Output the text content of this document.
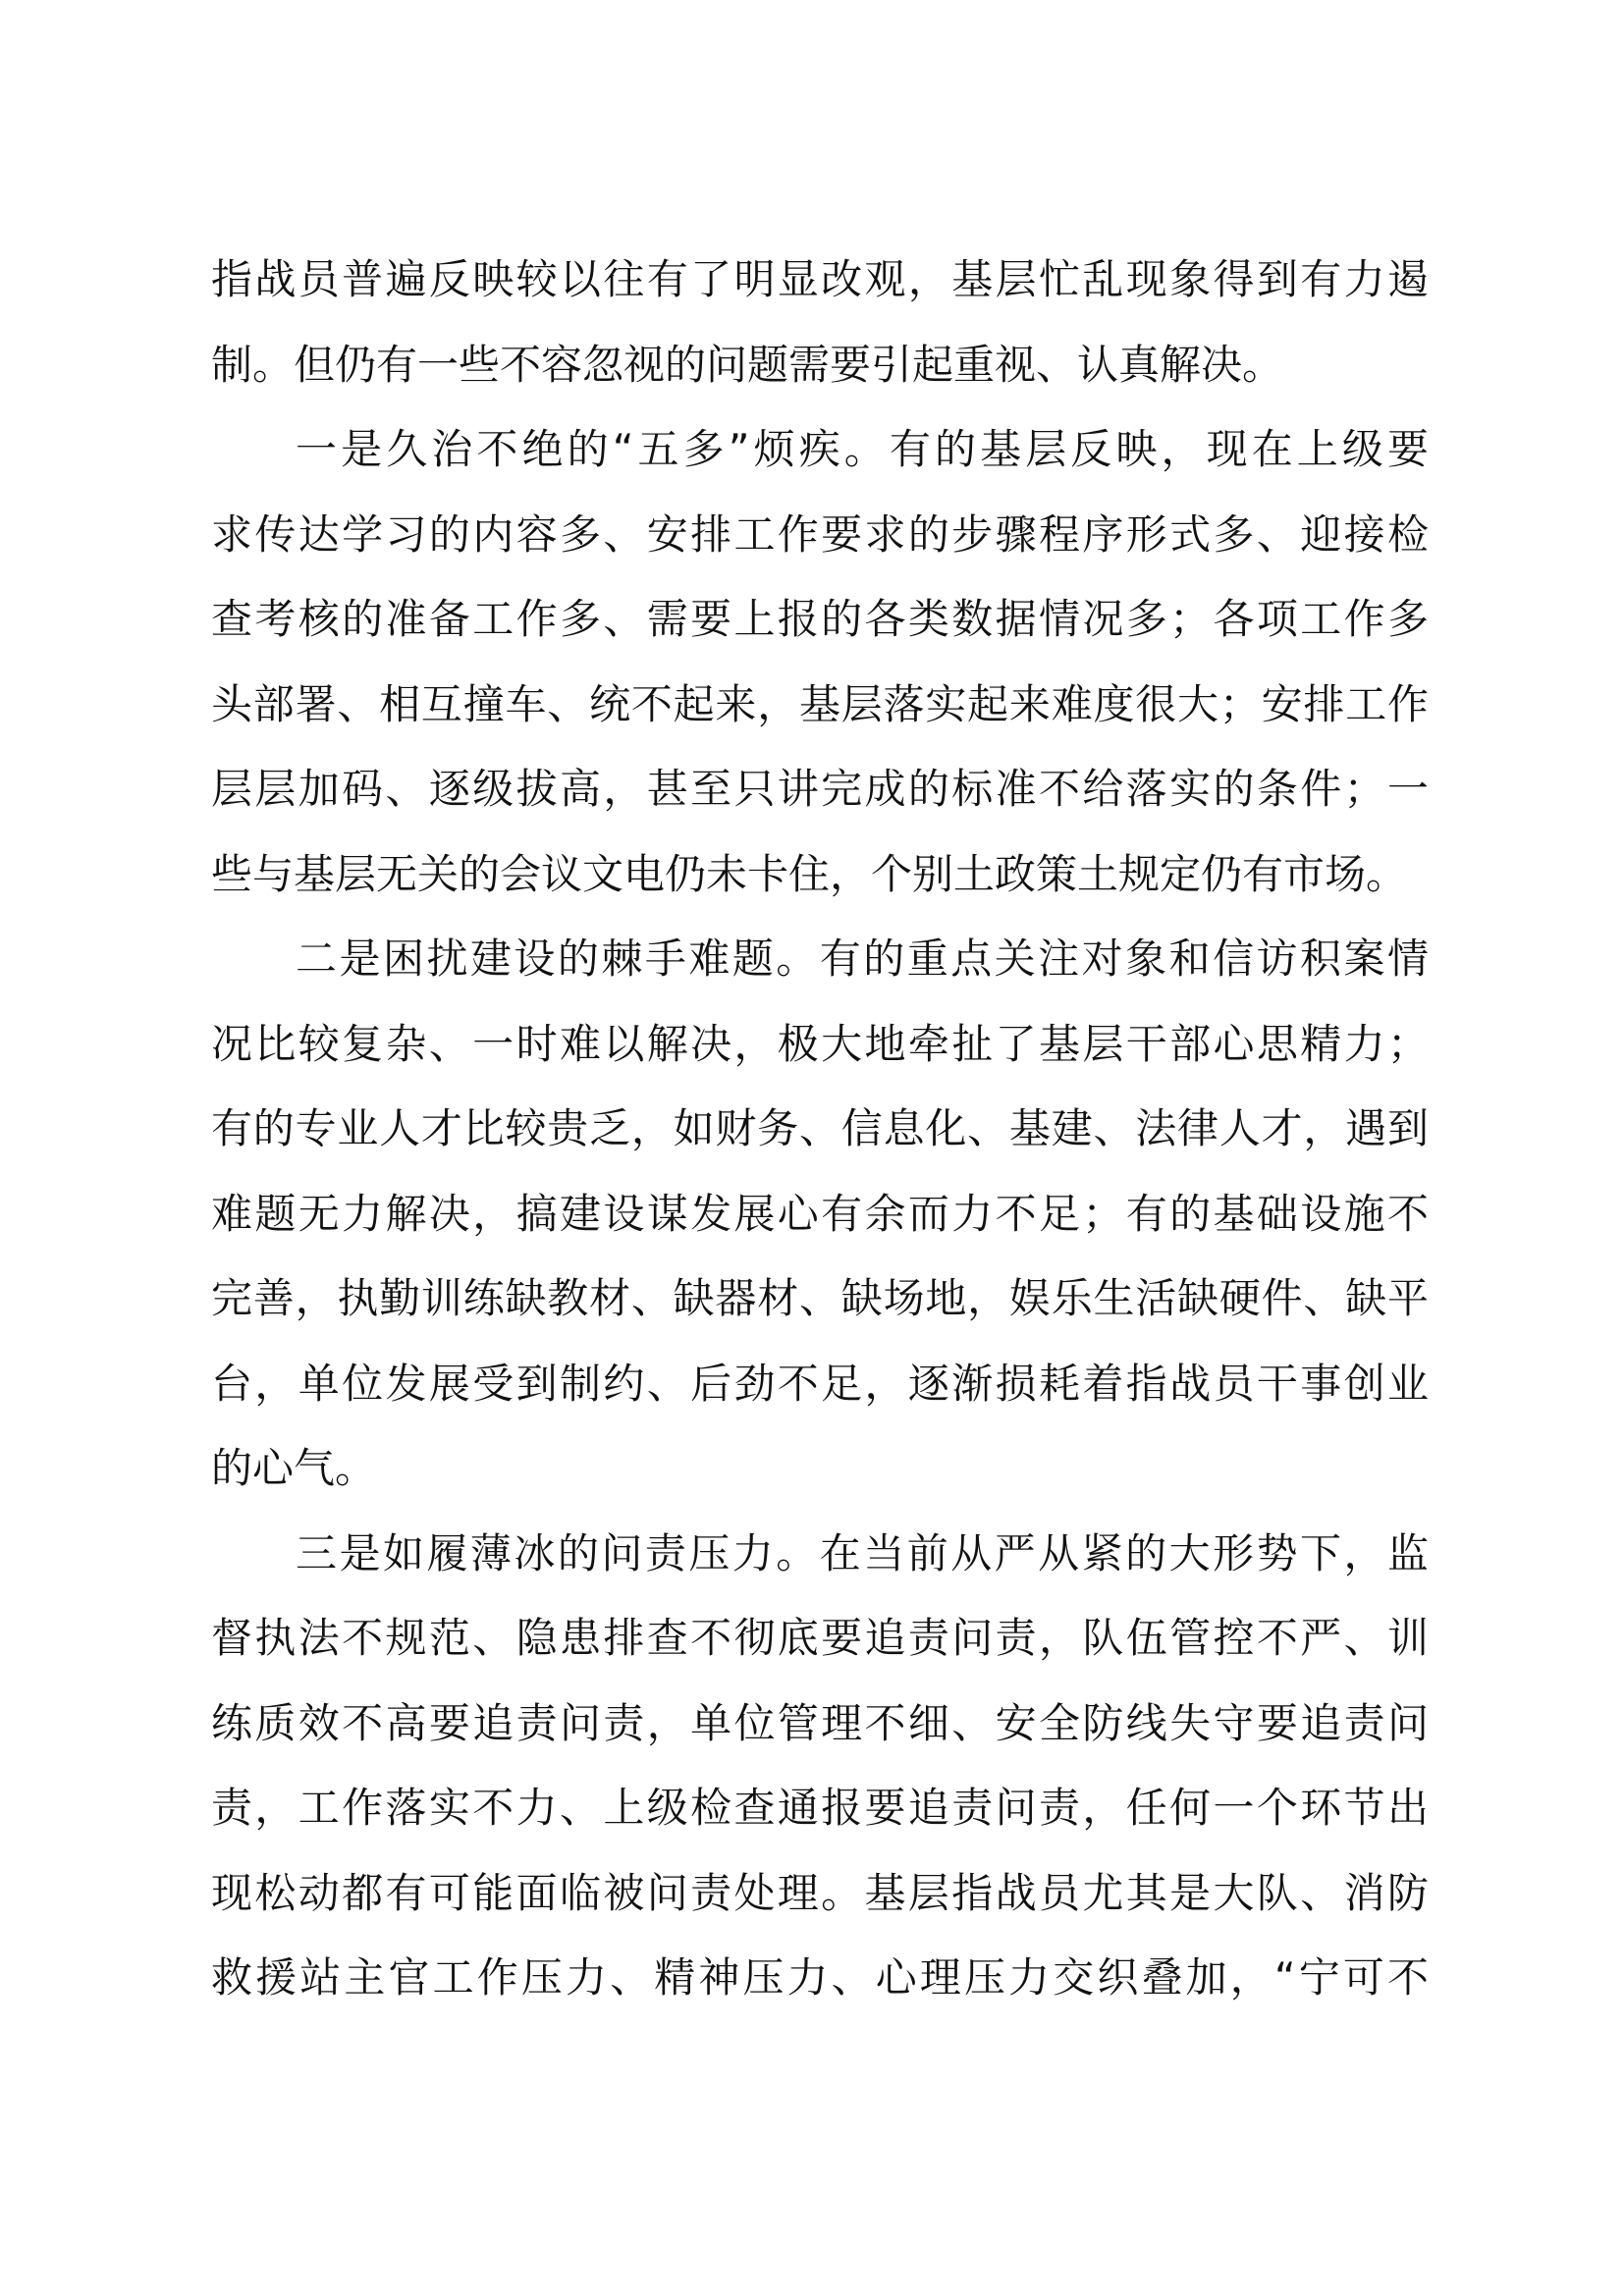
指战员普遍反映较以往有了明显改观，基层忙乱现象得到有力遏
制。但仍有一些不容忽视的问题需要引起重视、认真解决。
一是久治不绝的“五多”烦疾。有的基层反映，现在上级要
求传达学习的内容多、安排工作要求的步骤程序形式多、迎接检
查考核的准备工作多、需要上报的各类数据情况多；各项工作多
头部署、相互撞车、统不起来，基层落实起来难度很大；安排工作
层层加码、逐级拔高，甚至只讲完成的标准不给落实的条件；一
些与基层无关的会议文电仍未卡住，个别土政策土规定仍有市场。
二是困扰建设的棘手难题。有的重点关注对象和信访积案情
况比较复杂、一时难以解决，极大地牵扯了基层干部心思精力；
有的专业人才比较贵乏，如财务、信息化、基建、法律人才，遇到
难题无力解决，搞建设谋发展心有余而力不足；有的基础设施不
完善，执勤训练缺教材、缺器材、缺场地，娱乐生活缺硬件、缺平
台，单位发展受到制约、后劲不足，逐渐损耗着指战员干事创业
的心气。
三是如履薄冰的问责压力。在当前从严从紧的大形势下，监
督执法不规范、隐患排查不彻底要追责问责，队伍管控不严、训
练质效不高要追责问责，单位管理不细、安全防线失守要追责问
责，工作落实不力、上级检查通报要追责问责，任何一个环节出
现松动都有可能面临被问责处理。基层指战员尤其是大队、消防
救援站主官工作压力、精神压力、心理压力交织叠加，“宁可不
